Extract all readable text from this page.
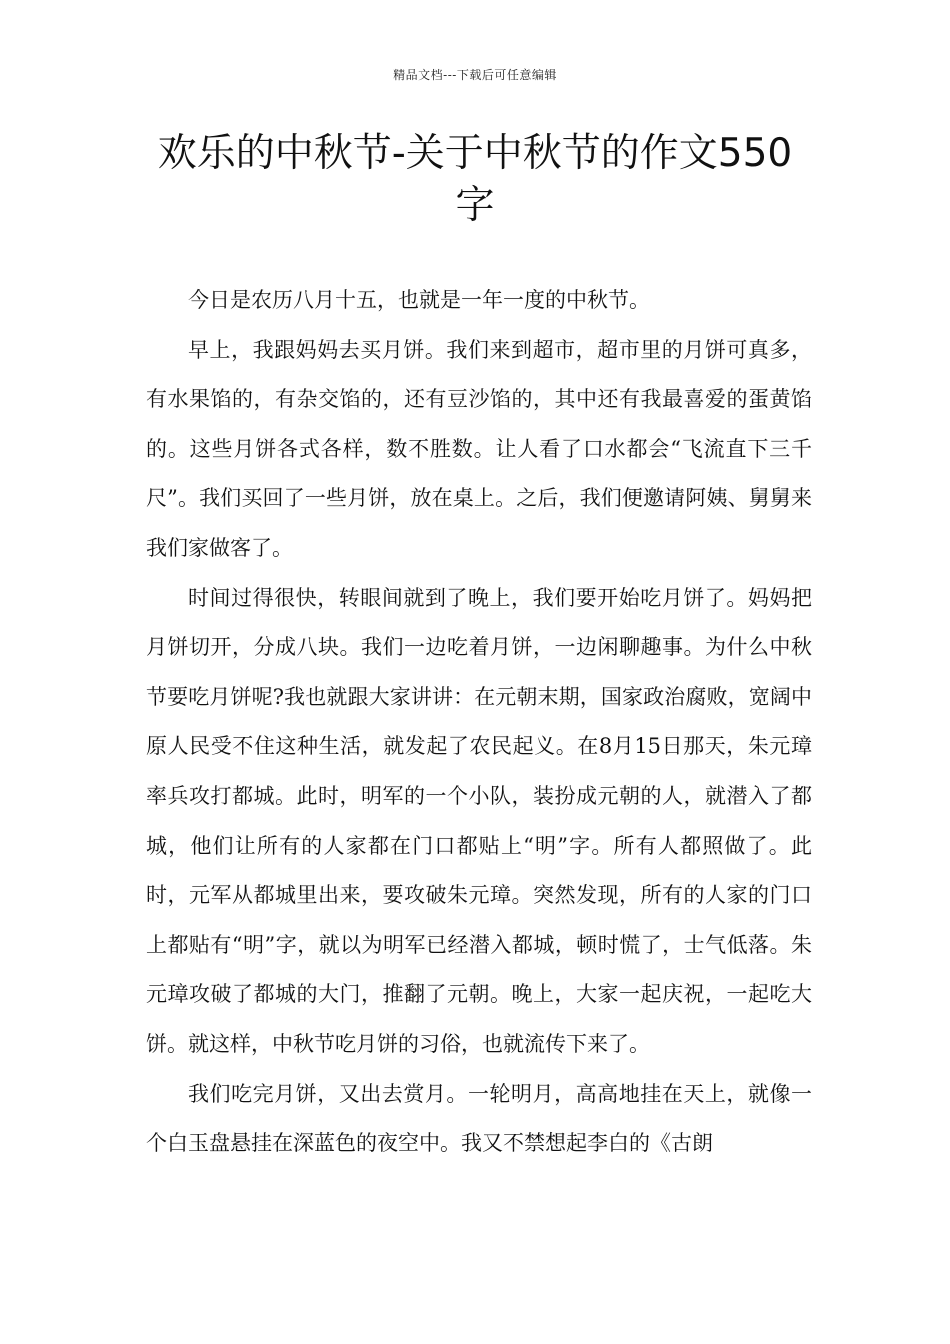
精品文档---下载后可任意编辑
欢乐的中秋节-关于中秋节的作文550字

今日是农历八月十五，也就是一年一度的中秋节。

早上，我跟妈妈去买月饼。我们来到超市，超市里的月饼可真多，有水果馅的，有杂交馅的，还有豆沙馅的，其中还有我最喜爱的蛋黄馅的。这些月饼各式各样，数不胜数。让人看了口水都会“飞流直下三千尺”。我们买回了一些月饼，放在桌上。之后，我们便邀请阿姨、舅舅来我们家做客了。

时间过得很快，转眼间就到了晚上，我们要开始吃月饼了。妈妈把月饼切开，分成八块。我们一边吃着月饼，一边闲聊趣事。为什么中秋节要吃月饼呢?我也就跟大家讲讲：在元朝末期，国家政治腐败，宽阔中原人民受不住这种生活，就发起了农民起义。在8月15日那天，朱元璋率兵攻打都城。此时，明军的一个小队，装扮成元朝的人，就潜入了都城，他们让所有的人家都在门口都贴上“明”字。所有人都照做了。此时，元军从都城里出来，要攻破朱元璋。突然发现，所有的人家的门口上都贴有“明”字，就以为明军已经潜入都城，顿时慌了，士气低落。朱元璋攻破了都城的大门，推翻了元朝。晚上，大家一起庆祝，一起吃大饼。就这样，中秋节吃月饼的习俗，也就流传下来了。

我们吃完月饼，又出去赏月。一轮明月，高高地挂在天上，就像一个白玉盘悬挂在深蓝色的夜空中。我又不禁想起李白的《古朗
